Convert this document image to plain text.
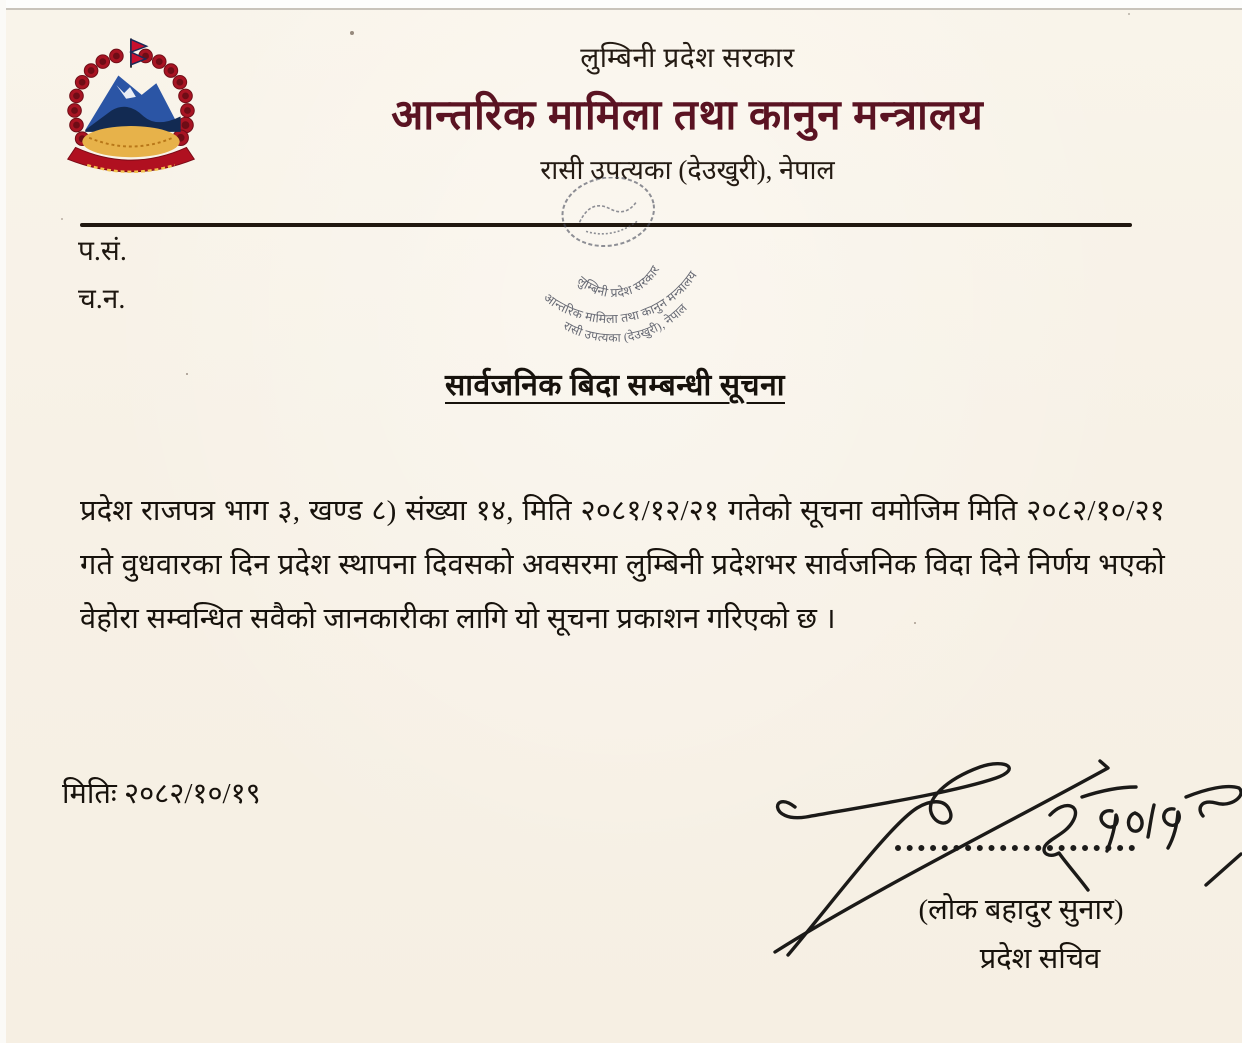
लुम्बिनी प्रदेश सरकार
आन्तरिक मामिला तथा कानुन मन्त्रालय
रासी उपत्यका (देउखुरी), नेपाल
प.सं.
च.न.
लुम्बिनी प्रदेश सरकार
आन्तरिक मामिला तथा कानुन मन्त्रालय
रासी उपत्यका (देउखुरी), नेपाल
सार्वजनिक बिदा सम्बन्धी सूचना
प्रदेश राजपत्र भाग ३, खण्ड ८) संख्या १४, मिति २०८१/१२/२१ गतेको सूचना वमोजिम मिति २०८२/१०/२१ गते वुधवारका दिन प्रदेश स्थापना दिवसको अवसरमा लुम्बिनी प्रदेशभर सार्वजनिक विदा दिने निर्णय भएको वेहोरा सम्वन्धित सवैको जानकारीका लागि यो सूचना प्रकाशन गरिएको छ ।
मितिः २०८२/१०/१९
(लोक बहादुर सुनार)
प्रदेश सचिव
